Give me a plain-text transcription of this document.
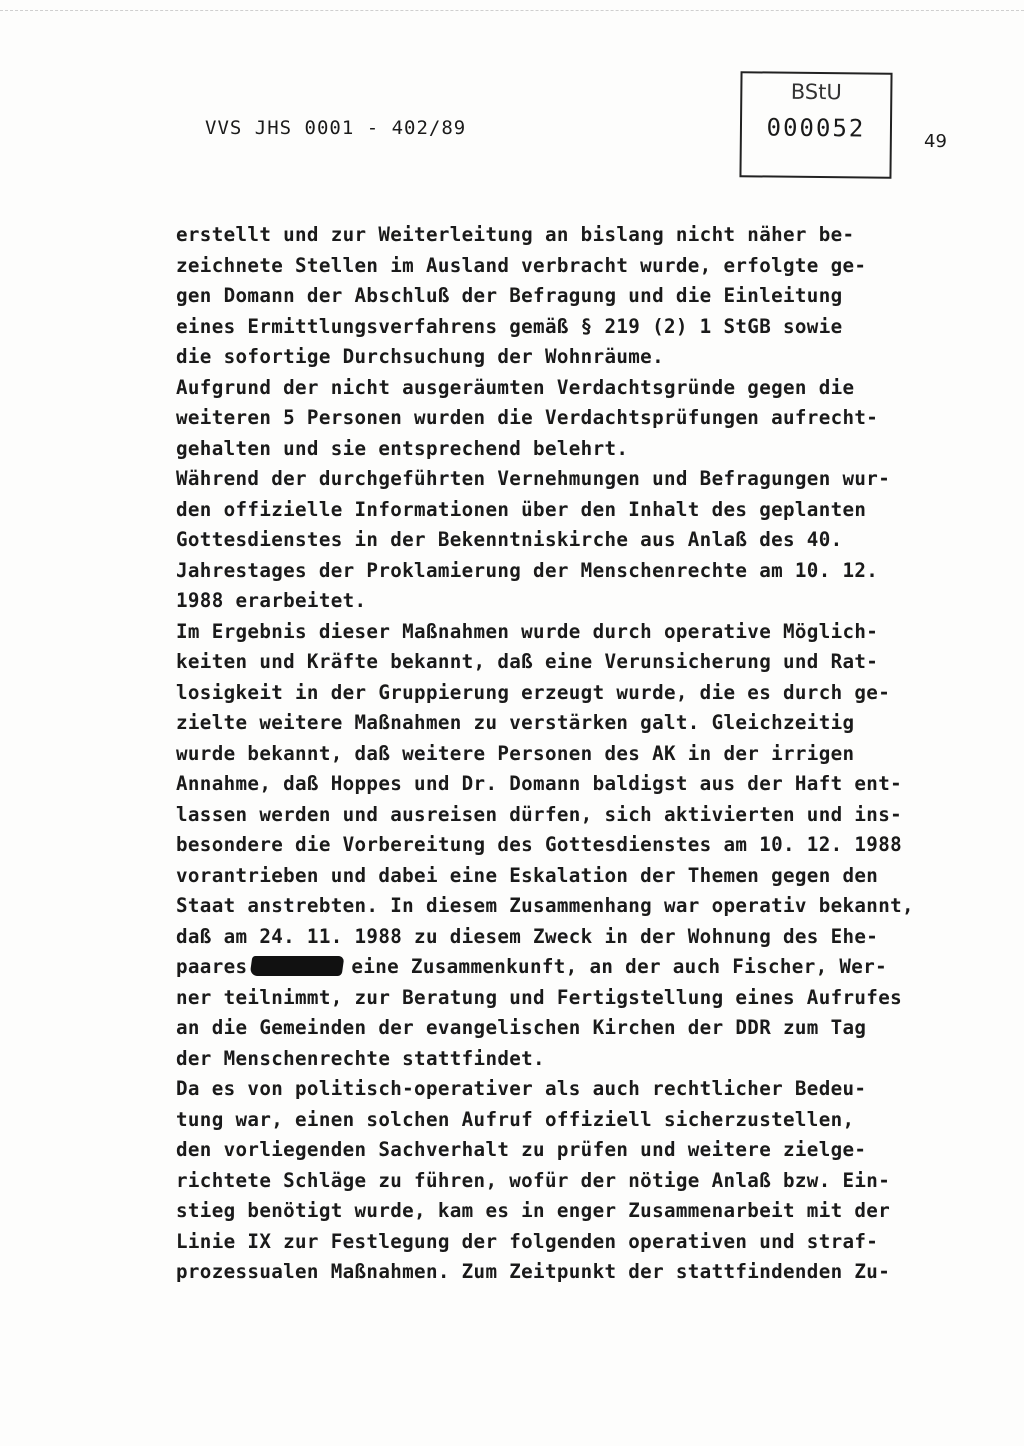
VVS JHS 0001 - 402/89
BStU
000052	49
erstellt und zur Weiterleitung an bislang nicht näher be-
zeichnete Stellen im Ausland verbracht wurde, erfolgte ge-
gen Domann der Abschluß der Befragung und die Einleitung
eines Ermittlungsverfahrens gemäß § 219 (2) 1 StGB sowie
die sofortige Durchsuchung der Wohnräume.
Aufgrund der nicht ausgeräumten Verdachtsgründe gegen die
weiteren 5 Personen wurden die Verdachtsprüfungen aufrecht-
gehalten und sie entsprechend belehrt.
Während der durchgeführten Vernehmungen und Befragungen wur-
den offizielle Informationen über den Inhalt des geplanten
Gottesdienstes in der Bekenntniskirche aus Anlaß des 40.
Jahrestages der Proklamierung der Menschenrechte am 10. 12.
1988 erarbeitet.
Im Ergebnis dieser Maßnahmen wurde durch operative Möglich-
keiten und Kräfte bekannt, daß eine Verunsicherung und Rat-
losigkeit in der Gruppierung erzeugt wurde, die es durch ge-
zielte weitere Maßnahmen zu verstärken galt. Gleichzeitig
wurde bekannt, daß weitere Personen des AK in der irrigen
Annahme, daß Hoppes und Dr. Domann baldigst aus der Haft ent-
lassen werden und ausreisen dürfen, sich aktivierten und ins-
besondere die Vorbereitung des Gottesdienstes am 10. 12. 1988
vorantrieben und dabei eine Eskalation der Themen gegen den
Staat anstrebten. In diesem Zusammenhang war operativ bekannt,
daß am 24. 11. 1988 zu diesem Zweck in der Wohnung des Ehe-
paares	eine Zusammenkunft, an der auch Fischer, Wer-
ner teilnimmt, zur Beratung und Fertigstellung eines Aufrufes
an die Gemeinden der evangelischen Kirchen der DDR zum Tag
der Menschenrechte stattfindet.
Da es von politisch-operativer als auch rechtlicher Bedeu-
tung war, einen solchen Aufruf offiziell sicherzustellen,
den vorliegenden Sachverhalt zu prüfen und weitere zielge-
richtete Schläge zu führen, wofür der nötige Anlaß bzw. Ein-
stieg benötigt wurde, kam es in enger Zusammenarbeit mit der
Linie IX zur Festlegung der folgenden operativen und straf-
prozessualen Maßnahmen. Zum Zeitpunkt der stattfindenden Zu-
